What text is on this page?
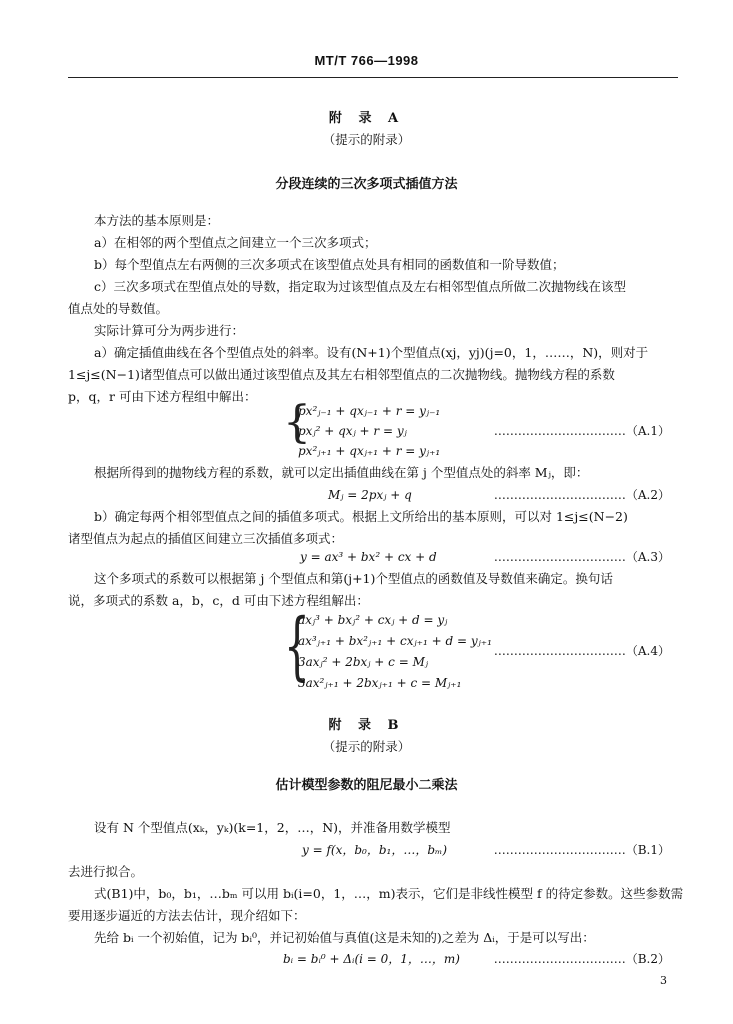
MT/T 766—1998
附 录 A
（提示的附录）
分段连续的三次多项式插值方法
本方法的基本原则是：
a）在相邻的两个型值点之间建立一个三次多项式；
b）每个型值点左右两侧的三次多项式在该型值点处具有相同的函数值和一阶导数值；
c）三次多项式在型值点处的导数，指定取为过该型值点及左右相邻型值点所做二次抛物线在该型
值点处的导数值。
实际计算可分为两步进行：
a）确定插值曲线在各个型值点处的斜率。设有(N+1)个型值点(xj，yj)(j=0，1，……，N)，则对于
1≤j≤(N−1)诸型值点可以做出通过该型值点及其左右相邻型值点的二次抛物线。抛物线方程的系数
p，q，r 可由下述方程组中解出：
{
px²ⱼ₋₁ + qxⱼ₋₁ + r = yⱼ₋₁
pxⱼ² + qxⱼ + r = yⱼ
px²ⱼ₊₁ + qxⱼ₊₁ + r = yⱼ₊₁
……………………………（A.1）
根据所得到的抛物线方程的系数，就可以定出插值曲线在第 j 个型值点处的斜率 Mⱼ，即：
Mⱼ = 2pxⱼ + q	……………………………（A.2）
b）确定每两个相邻型值点之间的插值多项式。根据上文所给出的基本原则，可以对 1≤j≤(N−2)
诸型值点为起点的插值区间建立三次插值多项式：
y = ax³ + bx² + cx + d	……………………………（A.3）
这个多项式的系数可以根据第 j 个型值点和第(j+1)个型值点的函数值及导数值来确定。换句话
说，多项式的系数 a，b，c，d 可由下述方程组解出：
{
axⱼ³ + bxⱼ² + cxⱼ + d = yⱼ
ax³ⱼ₊₁ + bx²ⱼ₊₁ + cxⱼ₊₁ + d = yⱼ₊₁
3axⱼ² + 2bxⱼ + c = Mⱼ
3ax²ⱼ₊₁ + 2bxⱼ₊₁ + c = Mⱼ₊₁
……………………………（A.4）
附 录 B
（提示的附录）
估计模型参数的阻尼最小二乘法
设有 N 个型值点(xₖ，yₖ)(k=1，2，…，N)，并准备用数学模型
y = f(x，b₀，b₁，…，bₘ)	……………………………（B.1）
去进行拟合。
式(B1)中，b₀，b₁，…bₘ 可以用 bᵢ(i=0，1，…，m)表示，它们是非线性模型 f 的待定参数。这些参数需
要用逐步逼近的方法去估计，现介绍如下：
先给 bᵢ 一个初始值，记为 bᵢ⁰，并记初始值与真值(这是未知的)之差为 Δᵢ，于是可以写出：
bᵢ = bᵢ⁰ + Δᵢ(i = 0，1，…，m)	……………………………（B.2）
3
